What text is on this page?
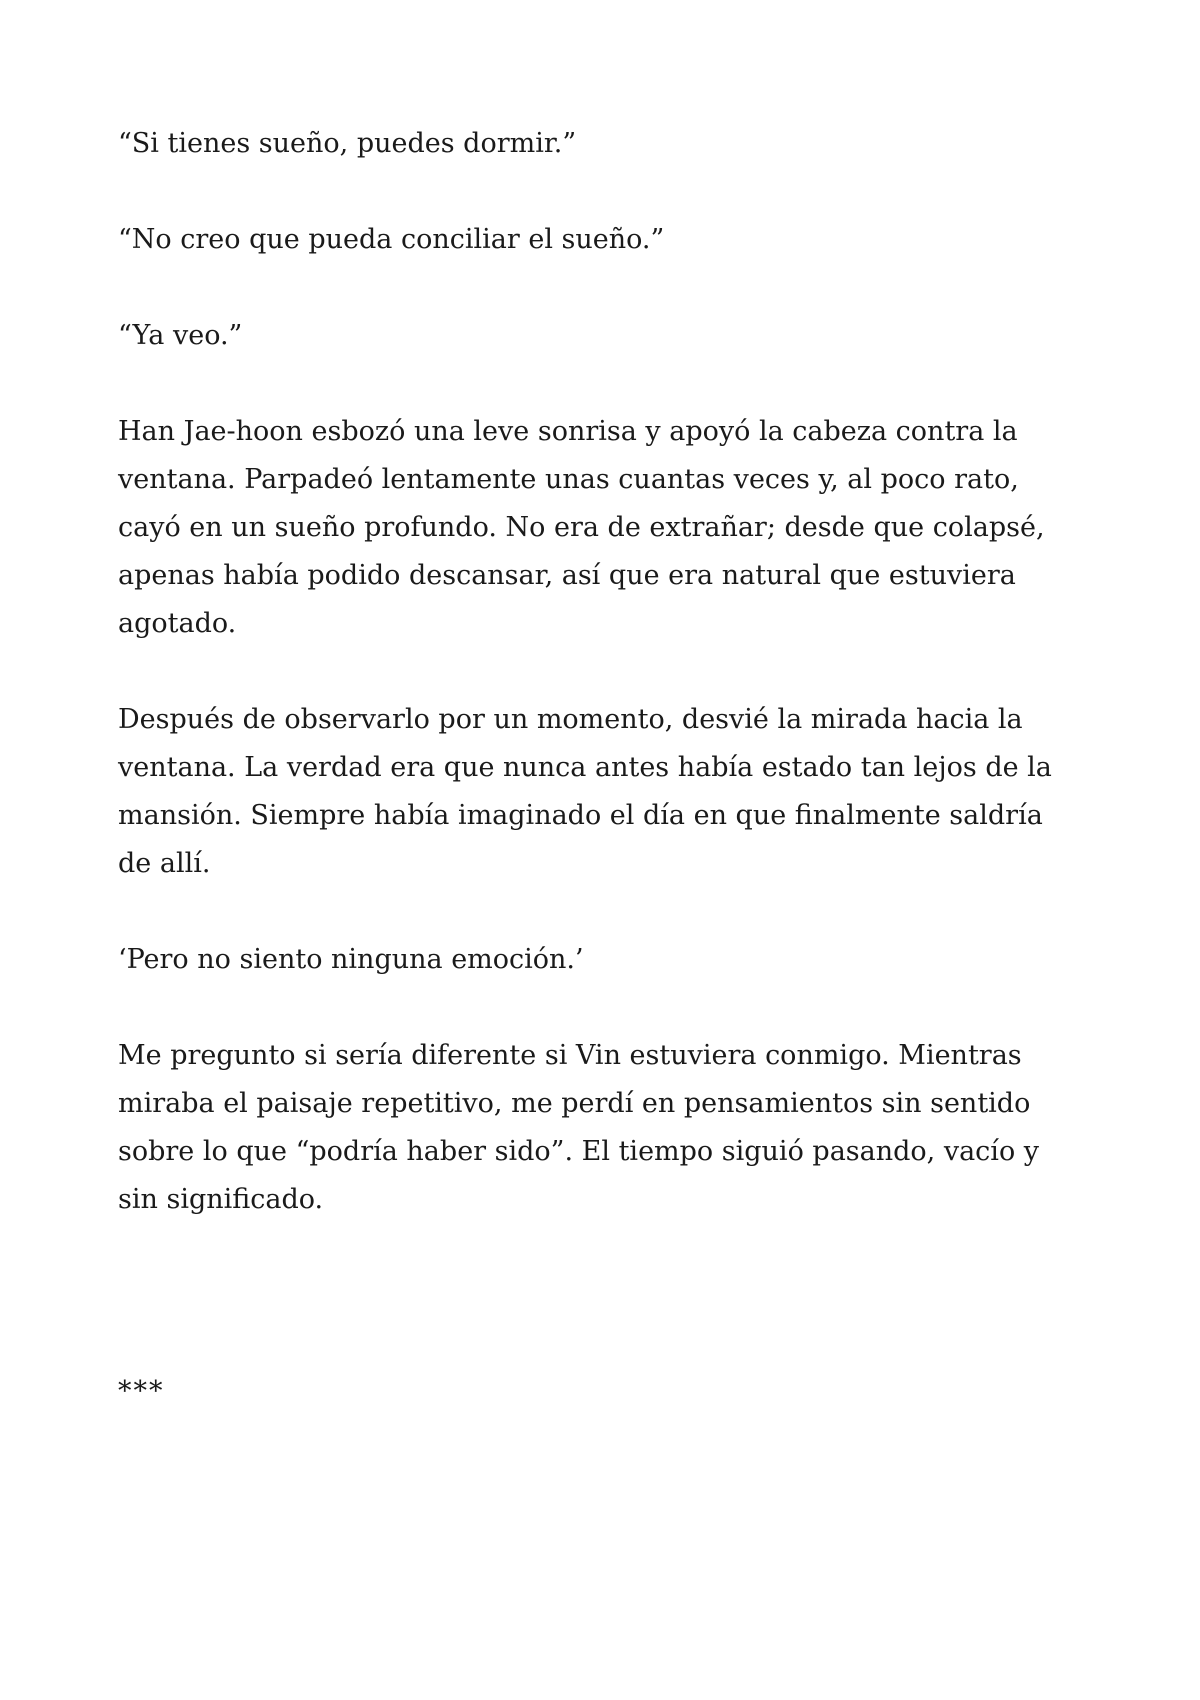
“Si tienes sueño, puedes dormir.”

“No creo que pueda conciliar el sueño.”

“Ya veo.”

Han Jae-hoon esbozó una leve sonrisa y apoyó la cabeza contra la ventana. Parpadeó lentamente unas cuantas veces y, al poco rato, cayó en un sueño profundo. No era de extrañar; desde que colapsé, apenas había podido descansar, así que era natural que estuviera agotado.

Después de observarlo por un momento, desvié la mirada hacia la ventana. La verdad era que nunca antes había estado tan lejos de la mansión. Siempre había imaginado el día en que finalmente saldría de allí.

‘Pero no siento ninguna emoción.’

Me pregunto si sería diferente si Vin estuviera conmigo. Mientras miraba el paisaje repetitivo, me perdí en pensamientos sin sentido sobre lo que “podría haber sido”. El tiempo siguió pasando, vacío y sin significado.

***
